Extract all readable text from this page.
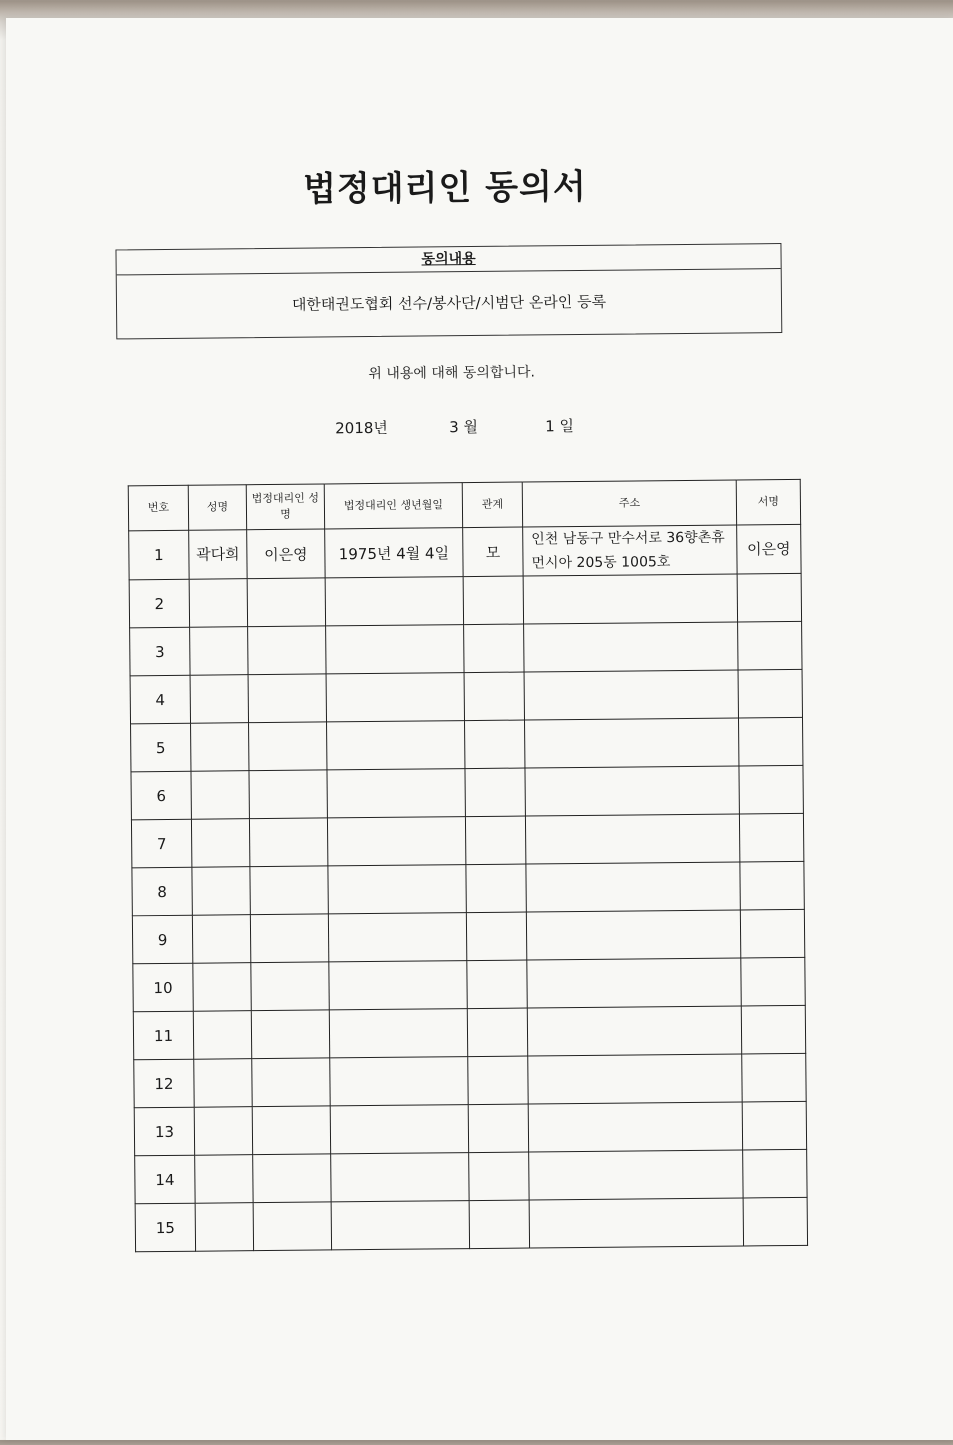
법정대리인 동의서
동의내용
대한태권도협회 선수/봉사단/시범단 온라인 등록
위 내용에 대해 동의합니다.
2018년	3 월	1 일
번호	성명	법정대리인 성명	법정대리인 생년월일	관계	주소	서명
1	곽다희	이은영	1975년 4월 4일	모	인천 남동구 만수서로 36향촌휴먼시아 205동 1005호	이은영
2						
3						
4						
5						
6						
7						
8						
9						
10						
11						
12						
13						
14						
15						
